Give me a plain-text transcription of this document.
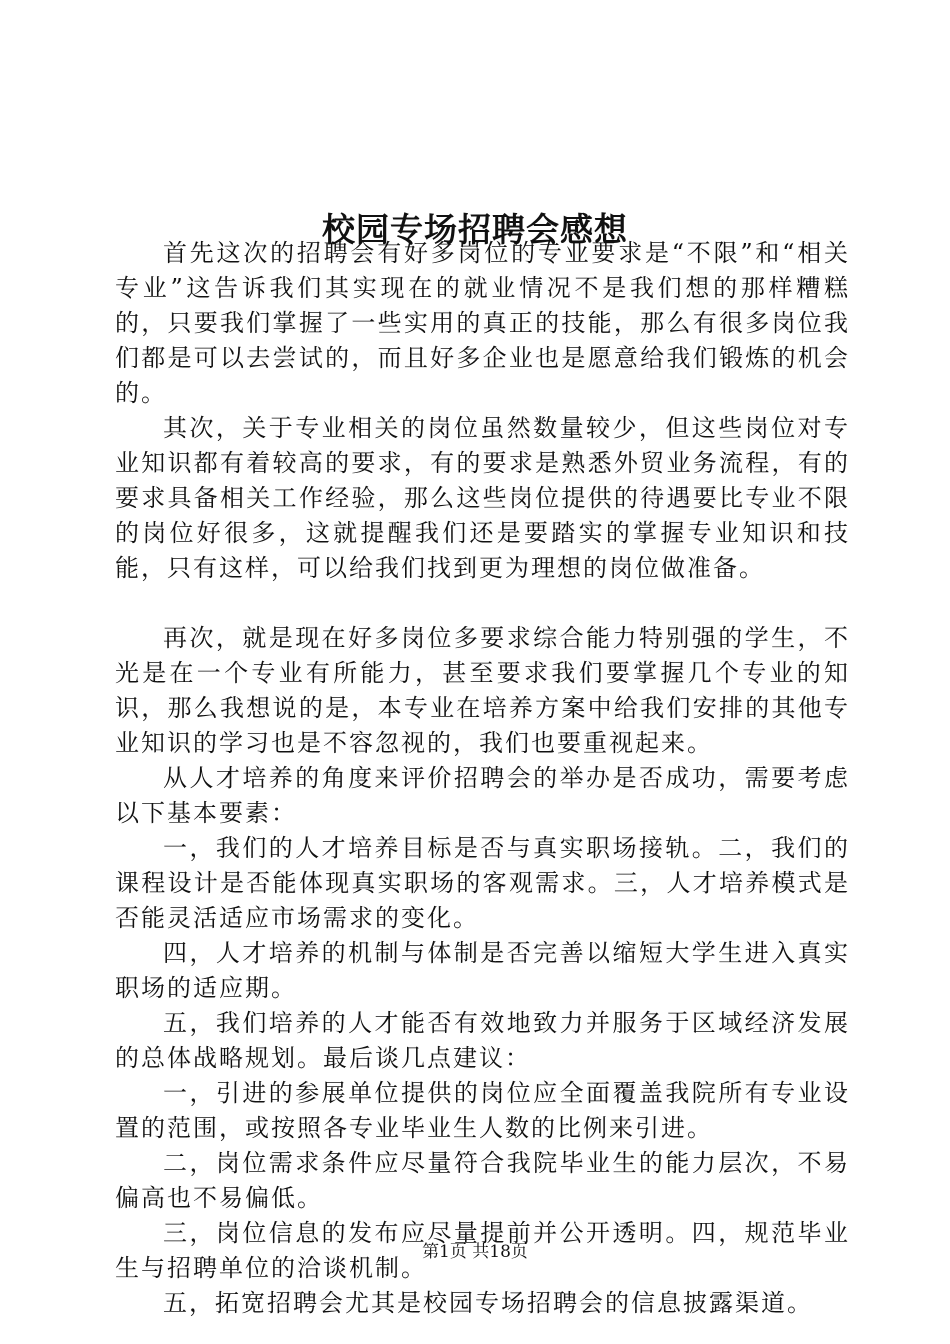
校园专场招聘会感想

首先这次的招聘会有好多岗位的专业要求是“不限”和“相关专业”这告诉我们其实现在的就业情况不是我们想的那样糟糕的，只要我们掌握了一些实用的真正的技能，那么有很多岗位我们都是可以去尝试的，而且好多企业也是愿意给我们锻炼的机会的。

其次，关于专业相关的岗位虽然数量较少，但这些岗位对专业知识都有着较高的要求，有的要求是熟悉外贸业务流程，有的要求具备相关工作经验，那么这些岗位提供的待遇要比专业不限的岗位好很多，这就提醒我们还是要踏实的掌握专业知识和技能，只有这样，可以给我们找到更为理想的岗位做准备。

再次，就是现在好多岗位多要求综合能力特别强的学生，不光是在一个专业有所能力，甚至要求我们要掌握几个专业的知识，那么我想说的是，本专业在培养方案中给我们安排的其他专业知识的学习也是不容忽视的，我们也要重视起来。

从人才培养的角度来评价招聘会的举办是否成功，需要考虑以下基本要素：

一，我们的人才培养目标是否与真实职场接轨。二，我们的课程设计是否能体现真实职场的客观需求。三，人才培养模式是否能灵活适应市场需求的变化。

四，人才培养的机制与体制是否完善以缩短大学生进入真实职场的适应期。

五，我们培养的人才能否有效地致力并服务于区域经济发展的总体战略规划。最后谈几点建议：

一，引进的参展单位提供的岗位应全面覆盖我院所有专业设置的范围，或按照各专业毕业生人数的比例来引进。

二，岗位需求条件应尽量符合我院毕业生的能力层次，不易偏高也不易偏低。

三，岗位信息的发布应尽量提前并公开透明。四，规范毕业生与招聘单位的洽谈机制。

五，拓宽招聘会尤其是校园专场招聘会的信息披露渠道。

第1页 共18页
